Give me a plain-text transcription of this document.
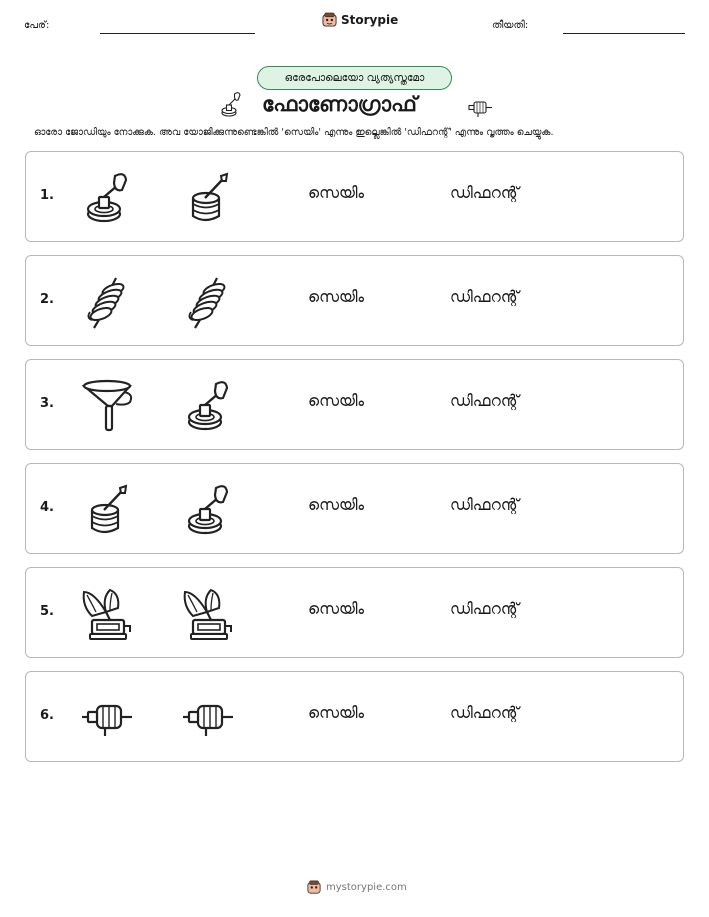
പേര്:	Storypie	തീയതി:
ഒരേപോലെയോ വ്യത്യസ്തമോ
ഫോണോഗ്രാഫ്
ഓരോ ജോഡിയും നോക്കുക. അവ യോജിക്കുന്നുണ്ടെങ്കിൽ 'സെയിം' എന്നും ഇല്ലെങ്കിൽ 'ഡിഫറന്റ്' എന്നും വൃത്തം ചെയ്യുക.
1.	സെയിം	ഡിഫറന്റ്
2.	സെയിം	ഡിഫറന്റ്
3.	സെയിം	ഡിഫറന്റ്
4.	സെയിം	ഡിഫറന്റ്
5.	സെയിം	ഡിഫറന്റ്
6.	സെയിം	ഡിഫറന്റ്
mystorypie.com
